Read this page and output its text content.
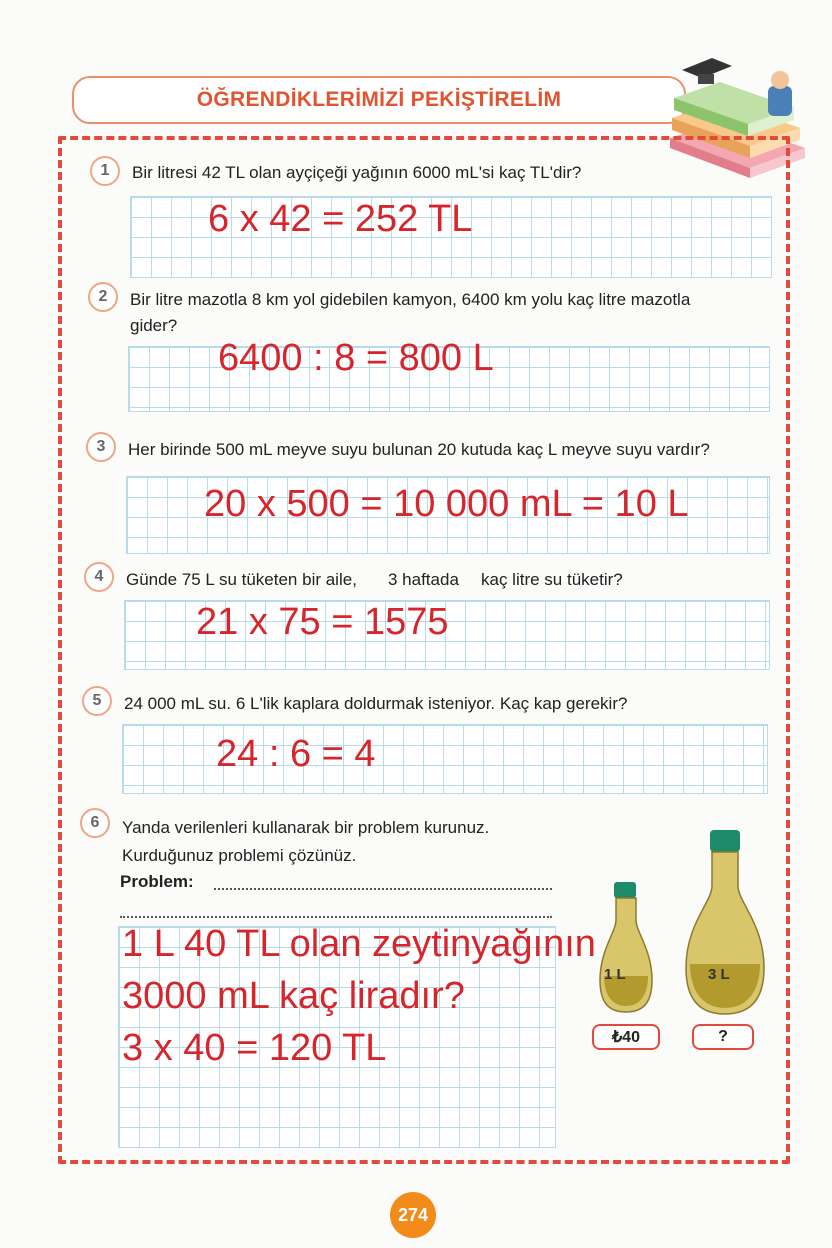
ÖĞRENDİKLERİMİZİ PEKİŞTİRELİM
1	Bir litresi 42 TL olan ayçiçeği yağının 6000 mL'si kaç TL'dir?
6 x 42 = 252 TL
2	Bir litre mazotla 8 km yol gidebilen kamyon, 6400 km yolu kaç litre mazotla
gider?
6400 : 8 = 800 L
3	Her birinde 500 mL meyve suyu bulunan 20 kutuda kaç L meyve suyu vardır?
20 x 500 = 10 000 mL = 10 L
4	Günde 75 L su tüketen bir aile, 3 haftada kaç litre su tüketir?
21 x 75 = 1575
5	24 000 mL su. 6 L'lik kaplara doldurmak isteniyor. Kaç kap gerekir?
24 : 6 = 4
6	Yanda verilenleri kullanarak bir problem kurunuz.
Kurduğunuz problemi çözünüz.
Problem:
1 L 40 TL olan zeytinyağının
3000 mL kaç liradır?
3 x 40 = 120 TL
1 L
₺40
3 L
?
274
